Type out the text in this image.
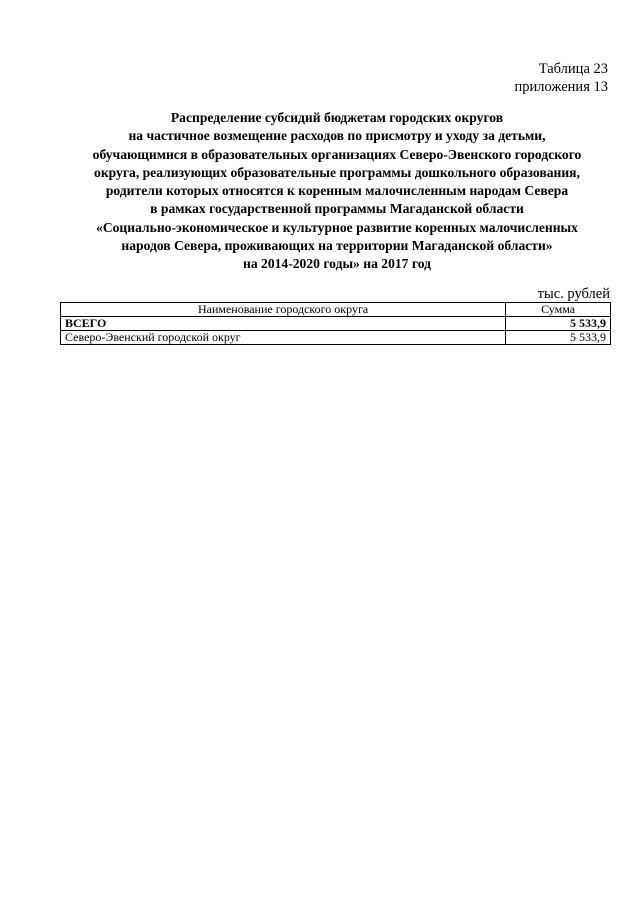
Таблица 23
приложения 13
Распределение субсидий бюджетам городских округов
на частичное возмещение расходов по присмотру и уходу за детьми,
обучающимися в образовательных организациях Северо-Эвенского городского
округа, реализующих образовательные программы дошкольного образования,
родители которых относятся к коренным малочисленным народам Севера
в рамках государственной программы Магаданской области
«Социально-экономическое и культурное развитие коренных малочисленных
народов Севера, проживающих на территории Магаданской области»
на 2014-2020 годы» на 2017 год
тыс. рублей
Наименование городского округа	Сумма
ВСЕГО	5 533,9
Северо-Эвенский городской округ	5 533,9
